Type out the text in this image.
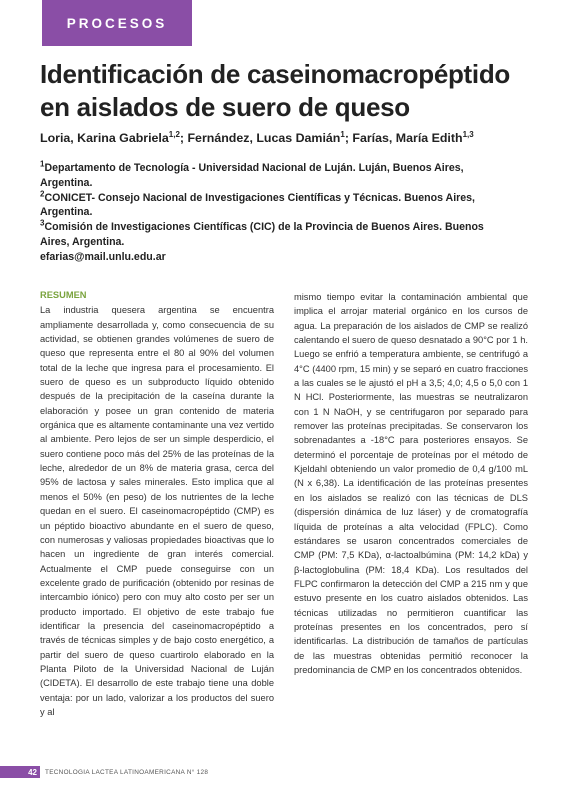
PROCESOS
Identificación de caseinomacropéptido en aislados de suero de queso
Loria, Karina Gabriela$^{1,2}$; Fernández, Lucas Damián$^1$; Farías, María Edith$^{1,3}$
$^1$Departamento de Tecnología - Universidad Nacional de Luján. Luján, Buenos Aires, Argentina.
$^2$CONICET- Consejo Nacional de Investigaciones Científicas y Técnicas. Buenos Aires, Argentina.
$^3$Comisión de Investigaciones Científicas (CIC) de la Provincia de Buenos Aires. Buenos Aires, Argentina.
efarias@mail.unlu.edu.ar
RESUMEN

La industria quesera argentina se encuentra ampliamente desarrollada y, como consecuencia de su actividad, se obtienen grandes volúmenes de suero de queso que representa entre el 80 al 90% del volumen total de la leche que ingresa para el procesamiento. El suero de queso es un subproducto líquido obtenido después de la precipitación de la caseína durante la elaboración y posee un gran contenido de materia orgánica que es altamente contaminante una vez vertido al ambiente. Pero lejos de ser un simple desperdicio, el suero contiene poco más del 25% de las proteínas de la leche, alrededor de un 8% de materia grasa, cerca del 95% de lactosa y sales minerales. Esto implica que al menos el 50% (en peso) de los nutrientes de la leche quedan en el suero. El caseinomacropéptido (CMP) es un péptido bioactivo abundante en el suero de queso, con numerosas y valiosas propiedades bioactivas que lo hacen un ingrediente de gran interés comercial. Actualmente el CMP puede conseguirse con un excelente grado de purificación (obtenido por resinas de intercambio iónico) pero con muy alto costo per ser un producto importado. El objetivo de este trabajo fue identificar la presencia del caseinomacropéptido a través de técnicas simples y de bajo costo energético, a partir del suero de queso cuartirolo elaborado en la Planta Piloto de la Universidad Nacional de Luján (CIDETA). El desarrollo de este trabajo tiene una doble ventaja: por un lado, valorizar a los productos del suero y al

mismo tiempo evitar la contaminación ambiental que implica el arrojar material orgánico en los cursos de agua. La preparación de los aislados de CMP se realizó calentando el suero de queso desnatado a 90°C por 1 h. Luego se enfrió a temperatura ambiente, se centrifugó a 4°C (4400 rpm, 15 min) y se separó en cuatro fracciones a las cuales se le ajustó el pH a 3,5; 4,0; 4,5 o 5,0 con 1 N HCl. Posteriormente, las muestras se neutralizaron con 1 N NaOH, y se centrifugaron por separado para remover las proteínas precipitadas. Se conservaron los sobrenadantes a -18°C para posteriores ensayos. Se determinó el porcentaje de proteínas por el método de Kjeldahl obteniendo un valor promedio de 0,4 g/100 mL (N x 6,38). La identificación de las proteínas presentes en los aislados se realizó con las técnicas de DLS (dispersión dinámica de luz láser) y de cromatografía líquida de proteínas a alta velocidad (FPLC). Como estándares se usaron concentrados comerciales de CMP (PM: 7,5 KDa), α-lactoalbúmina (PM: 14,2 kDa) y β-lactoglobulina (PM: 18,4 KDa). Los resultados del FLPC confirmaron la detección del CMP a 215 nm y que estuvo presente en los cuatro aislados obtenidos. Las técnicas utilizadas no permitieron cuantificar las proteínas presentes en los concentrados, pero sí identificarlas. La distribución de tamaños de partículas de las muestras obtenidas permitió reconocer la predominancia de CMP en los concentrados obtenidos.

42	TECNOLOGIA LACTEA LATINOAMERICANA N° 128
